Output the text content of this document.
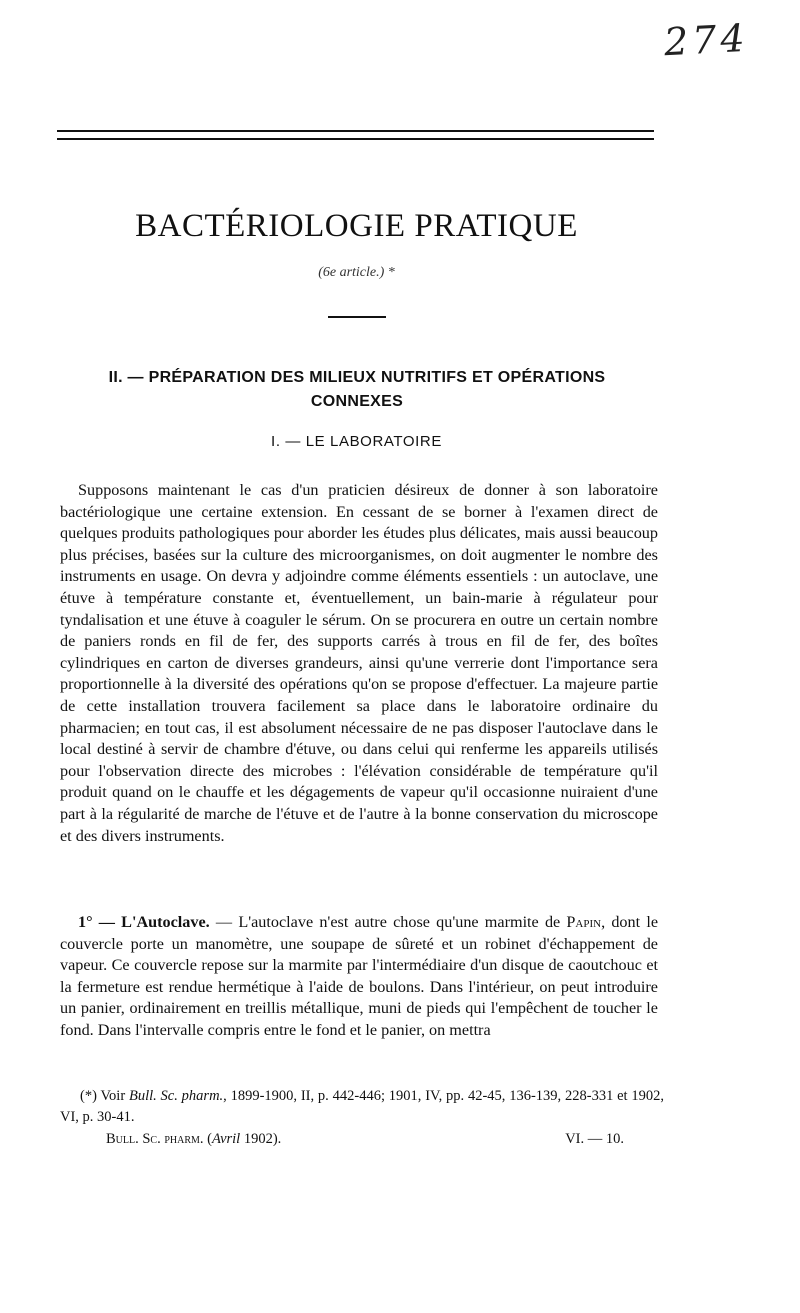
274
BACTÉRIOLOGIE PRATIQUE
(6e article.) *
II. — PRÉPARATION DES MILIEUX NUTRITIFS ET OPÉRATIONS
CONNEXES
I. — LE LABORATOIRE

Supposons maintenant le cas d'un praticien désireux de donner à son laboratoire bactériologique une certaine extension. En cessant de se borner à l'examen direct de quelques produits pathologiques pour aborder les études plus délicates, mais aussi beaucoup plus précises, basées sur la culture des microorganismes, on doit augmenter le nombre des instruments en usage. On devra y adjoindre comme éléments essentiels : un autoclave, une étuve à température constante et, éventuellement, un bain-marie à régulateur pour tyndalisation et une étuve à coaguler le sérum. On se procurera en outre un certain nombre de paniers ronds en fil de fer, des supports carrés à trous en fil de fer, des boîtes cylindriques en carton de diverses grandeurs, ainsi qu'une verrerie dont l'importance sera proportionnelle à la diversité des opérations qu'on se propose d'effectuer. La majeure partie de cette installation trouvera facilement sa place dans le laboratoire ordinaire du pharmacien; en tout cas, il est absolument nécessaire de ne pas disposer l'autoclave dans le local destiné à servir de chambre d'étuve, ou dans celui qui renferme les appareils utilisés pour l'observation directe des microbes : l'élévation considérable de température qu'il produit quand on le chauffe et les dégagements de vapeur qu'il occasionne nuiraient d'une part à la régularité de marche de l'étuve et de l'autre à la bonne conservation du microscope et des divers instruments.

1° — L'Autoclave. — L'autoclave n'est autre chose qu'une marmite de Papin, dont le couvercle porte un manomètre, une soupape de sûreté et un robinet d'échappement de vapeur. Ce couvercle repose sur la marmite par l'intermédiaire d'un disque de caoutchouc et la fermeture est rendue hermétique à l'aide de boulons. Dans l'intérieur, on peut introduire un panier, ordinairement en treillis métallique, muni de pieds qui l'empêchent de toucher le fond. Dans l'intervalle compris entre le fond et le panier, on mettra

(*) Voir Bull. Sc. pharm., 1899-1900, II, p. 442-446; 1901, IV, pp. 42-45, 136-139, 228-331 et 1902, VI, p. 30-41.

Bull. Sc. pharm. (Avril 1902).	VI. — 10.
